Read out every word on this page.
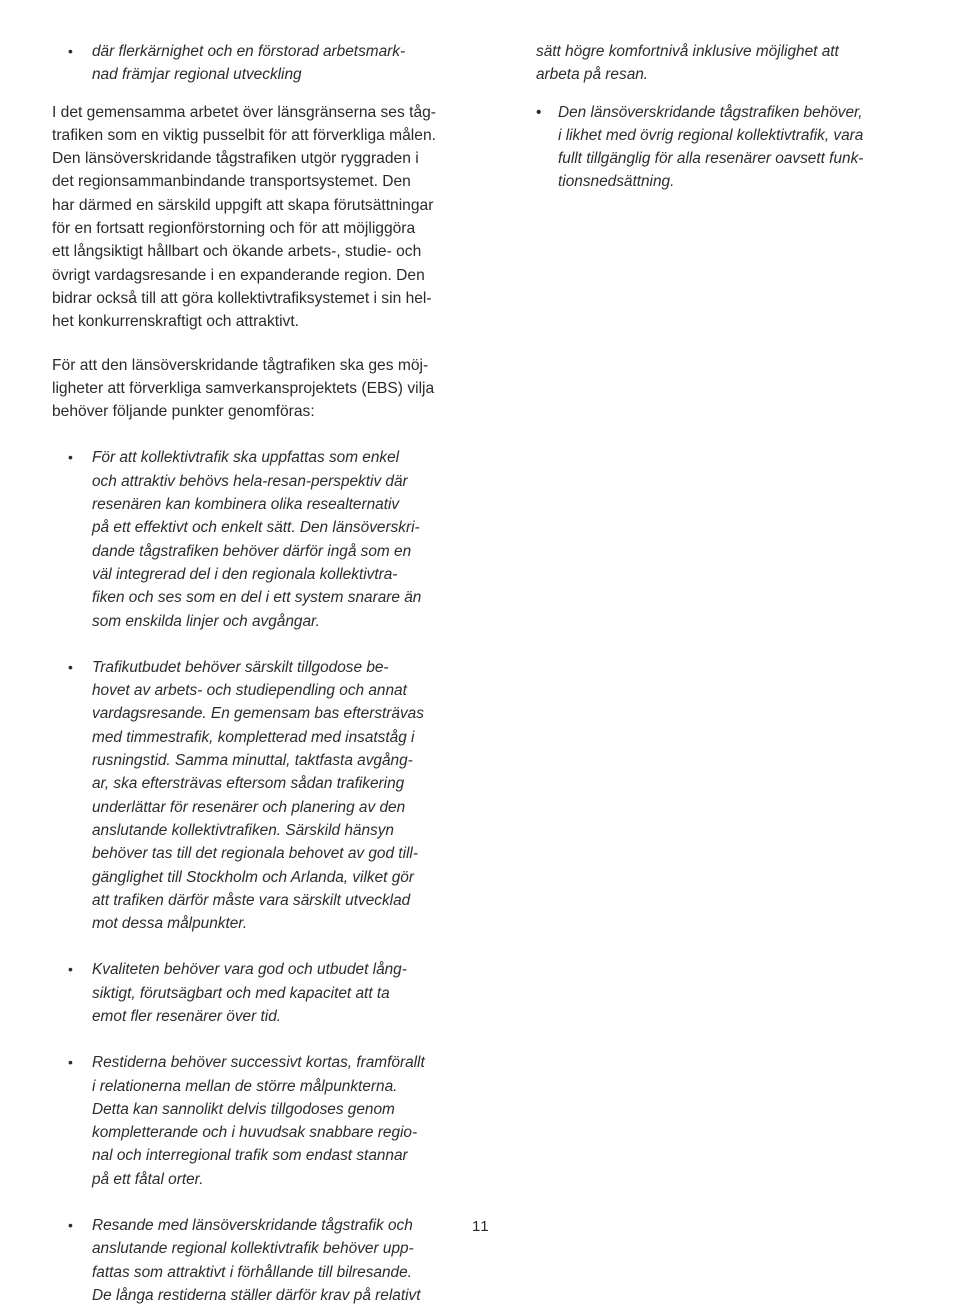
• där flerkärnighet och en förstorad arbetsmark-
nad främjar regional utveckling
I det gemensamma arbetet över länsgränserna ses tåg-
trafiken som en viktig pusselbit för att förverkliga målen.
Den länsöverskridande tågstrafiken utgör ryggraden i
det regionsammanbindande transportsystemet. Den
har därmed en särskild uppgift att skapa förutsättningar
för en fortsatt regionförstorning och för att möjliggöra
ett långsiktigt hållbart och ökande arbets-, studie- och
övrigt vardagsresande i en expanderande region. Den
bidrar också till att göra kollektivtrafiksystemet i sin hel-
het konkurrenskraftigt och attraktivt.
För att den länsöverskridande tågtrafiken ska ges möj-
ligheter att förverkliga samverkansprojektets (EBS) vilja
behöver följande punkter genomföras:
• För att kollektivtrafik ska uppfattas som enkel
och attraktiv behövs hela-resan-perspektiv där
resenären kan kombinera olika resealternativ
på ett effektivt och enkelt sätt. Den länsöverskri-
dande tågstrafiken behöver därför ingå som en
väl integrerad del i den regionala kollektivtra-
fiken och ses som en del i ett system snarare än
som enskilda linjer och avgångar.
• Trafikutbudet behöver särskilt tillgodose be-
hovet av arbets- och studiependling och annat
vardagsresande. En gemensam bas eftersträvas
med timmestrafik, kompletterad med insatståg i
rusningstid. Samma minuttal, taktfasta avgång-
ar, ska eftersträvas eftersom sådan trafikering
underlättar för resenärer och planering av den
anslutande kollektivtrafiken. Särskild hänsyn
behöver tas till det regionala behovet av god till-
gänglighet till Stockholm och Arlanda, vilket gör
att trafiken därför måste vara särskilt utvecklad
mot dessa målpunkter.
• Kvaliteten behöver vara god och utbudet lång-
siktigt, förutsägbart och med kapacitet att ta
emot fler resenärer över tid.
• Restiderna behöver successivt kortas, framförallt
i relationerna mellan de större målpunkterna.
Detta kan sannolikt delvis tillgodoses genom
kompletterande och i huvudsak snabbare regio-
nal och interregional trafik som endast stannar
på ett fåtal orter.
• Resande med länsöverskridande tågstrafik och
anslutande regional kollektivtrafik behöver upp-
fattas som attraktivt i förhållande till bilresande.
De långa restiderna ställer därför krav på relativt
sätt högre komfortnivå inklusive möjlighet att
arbeta på resan.
• Den länsöverskridande tågstrafiken behöver,
i likhet med övrig regional kollektivtrafik, vara
fullt tillgänglig för alla resenärer oavsett funk-
tionsnedsättning.
11
